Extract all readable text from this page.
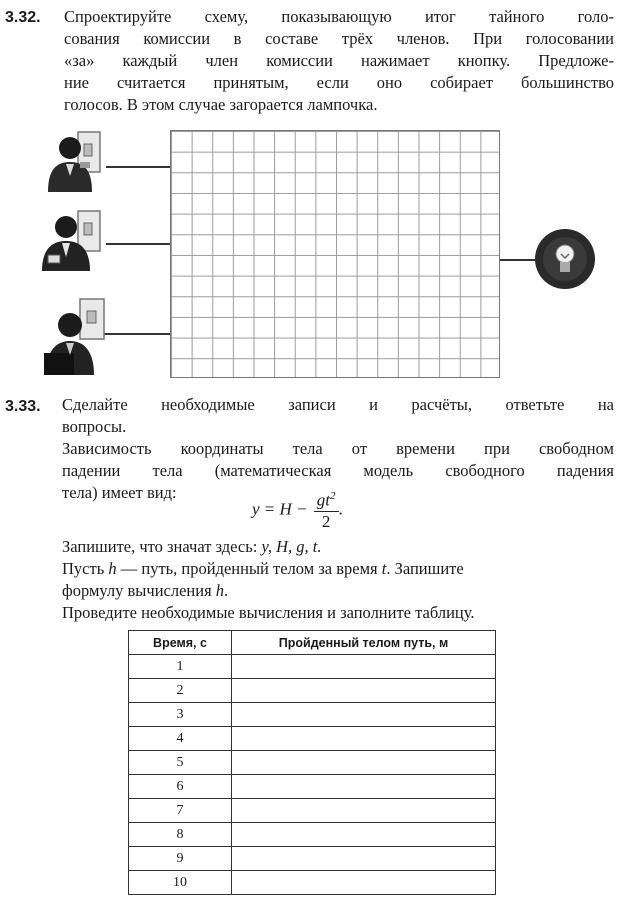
3.32. Спроектируйте схему, показывающую итог тайного голо-
сования комиссии в составе трёх членов. При голосовании
«за» каждый член комиссии нажимает кнопку. Предложе-
ние считается принятым, если оно собирает большинство
голосов. В этом случае загорается лампочка.
3.33. Сделайте необходимые записи и расчёты, ответьте на
вопросы.
Зависимость координаты тела от времени при свободном
падении тела (математическая модель свободного падения
тела) имеет вид:
$y = H - \frac{gt^2}{2}$ .
Запишите, что значат здесь: y, H, g, t.
Пусть h — путь, пройденный телом за время t. Запишите
формулу вычисления h.
Проведите необходимые вычисления и заполните таблицу.
Время, с	Пройденный телом путь, м
1	
2	
3	
4	
5	
6	
7	
8	
9	
10	
